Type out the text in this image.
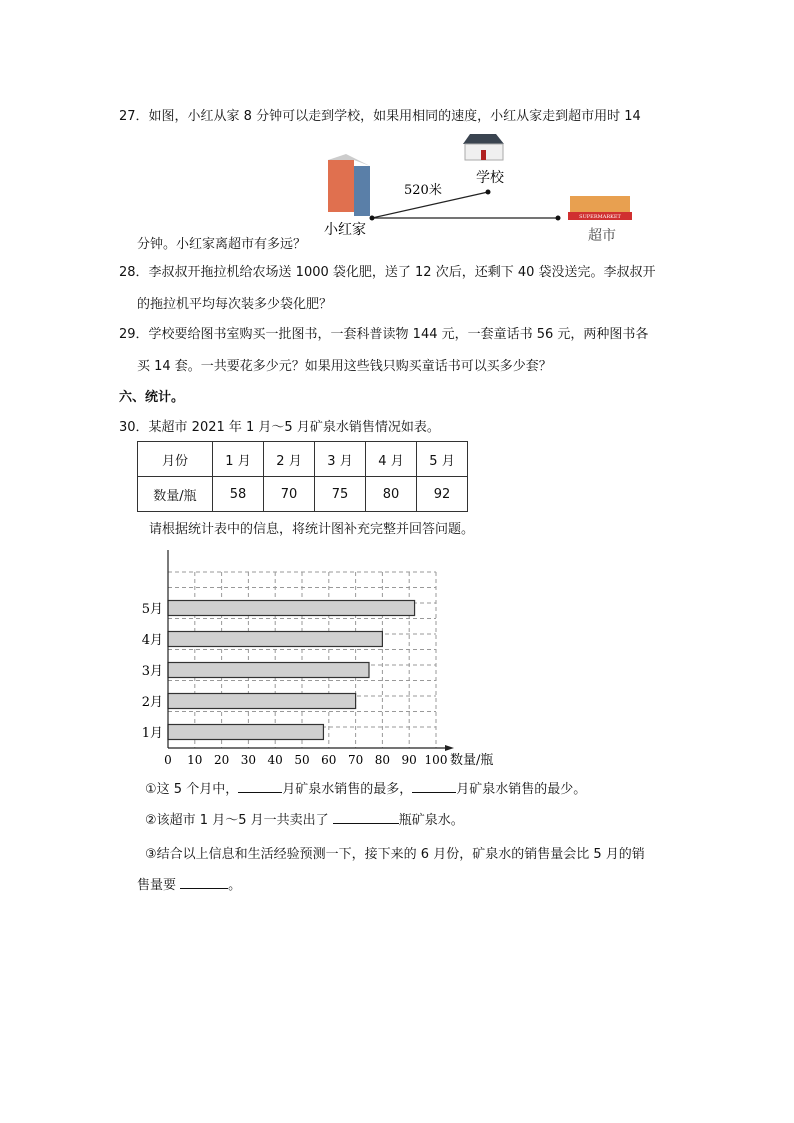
27．如图，小红从家 8 分钟可以走到学校，如果用相同的速度，小红从家走到超市用时 14
SUPERMARKET
520米
学校
小红家	超市
分钟。小红家离超市有多远？
28．李叔叔开拖拉机给农场送 1000 袋化肥，送了 12 次后，还剩下 40 袋没送完。李叔叔开
的拖拉机平均每次装多少袋化肥？
29．学校要给图书室购买一批图书，一套科普读物 144 元，一套童话书 56 元，两种图书各
买 14 套。一共要花多少元？如果用这些钱只购买童话书可以买多少套？
六、统计。
30．某超市 2021 年 1 月～5 月矿泉水销售情况如表。
月份	1 月	2 月	3 月	4 月	5 月
数量/瓶	58	70	75	80	92
请根据统计表中的信息，将统计图补充完整并回答问题。
1月
2月
3月
4月
5月
0 10 20 30 40 50 60 70 80 90 100 数量/瓶
①这 5 个月中，	月矿泉水销售的最多，	月矿泉水销售的最少。
②该超市 1 月～5 月一共卖出了	瓶矿泉水。
③结合以上信息和生活经验预测一下，接下来的 6 月份，矿泉水的销售量会比 5 月的销
售量要	。
